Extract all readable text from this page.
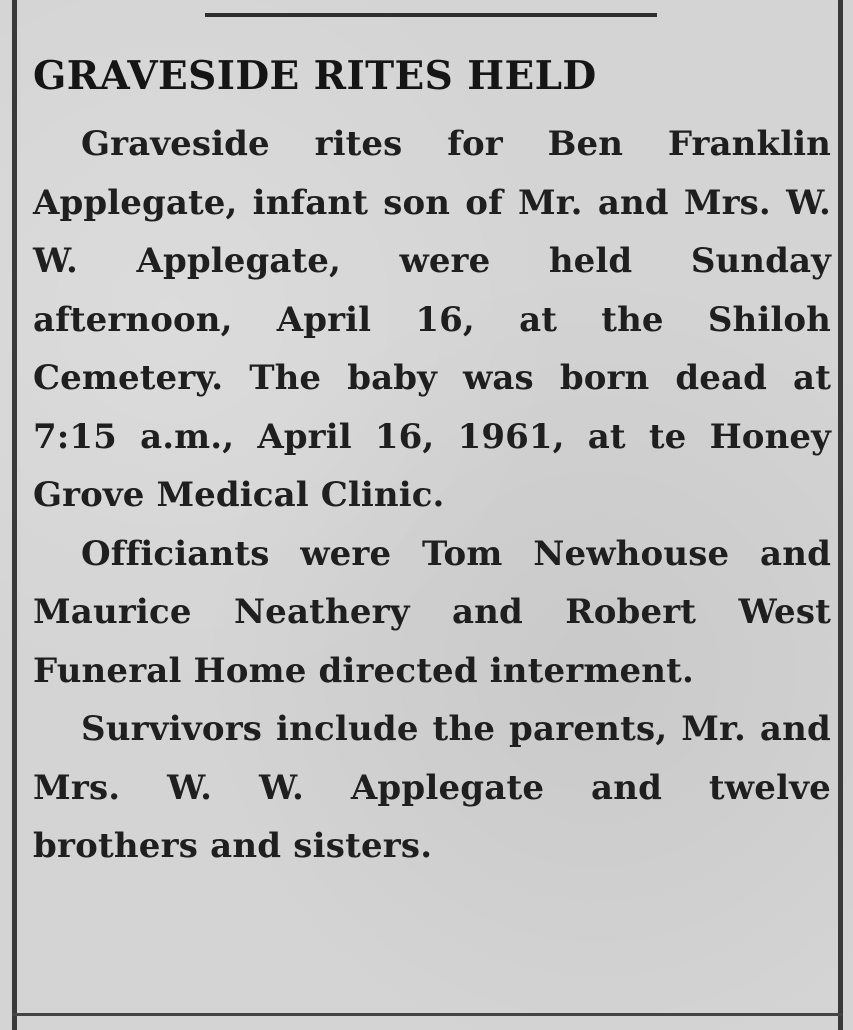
GRAVESIDE RITES HELD

Graveside rites for Ben Franklin Applegate, infant son of Mr. and Mrs. W. W. Applegate, were held Sunday afternoon, April 16, at the Shiloh Cemetery. The baby was born dead at 7:15 a.m., April 16, 1961, at te Honey Grove Medical Clinic.

Officiants were Tom Newhouse and Maurice Neathery and Robert West Funeral Home directed interment.

Survivors include the parents, Mr. and Mrs. W. W. Applegate and twelve brothers and sisters.
